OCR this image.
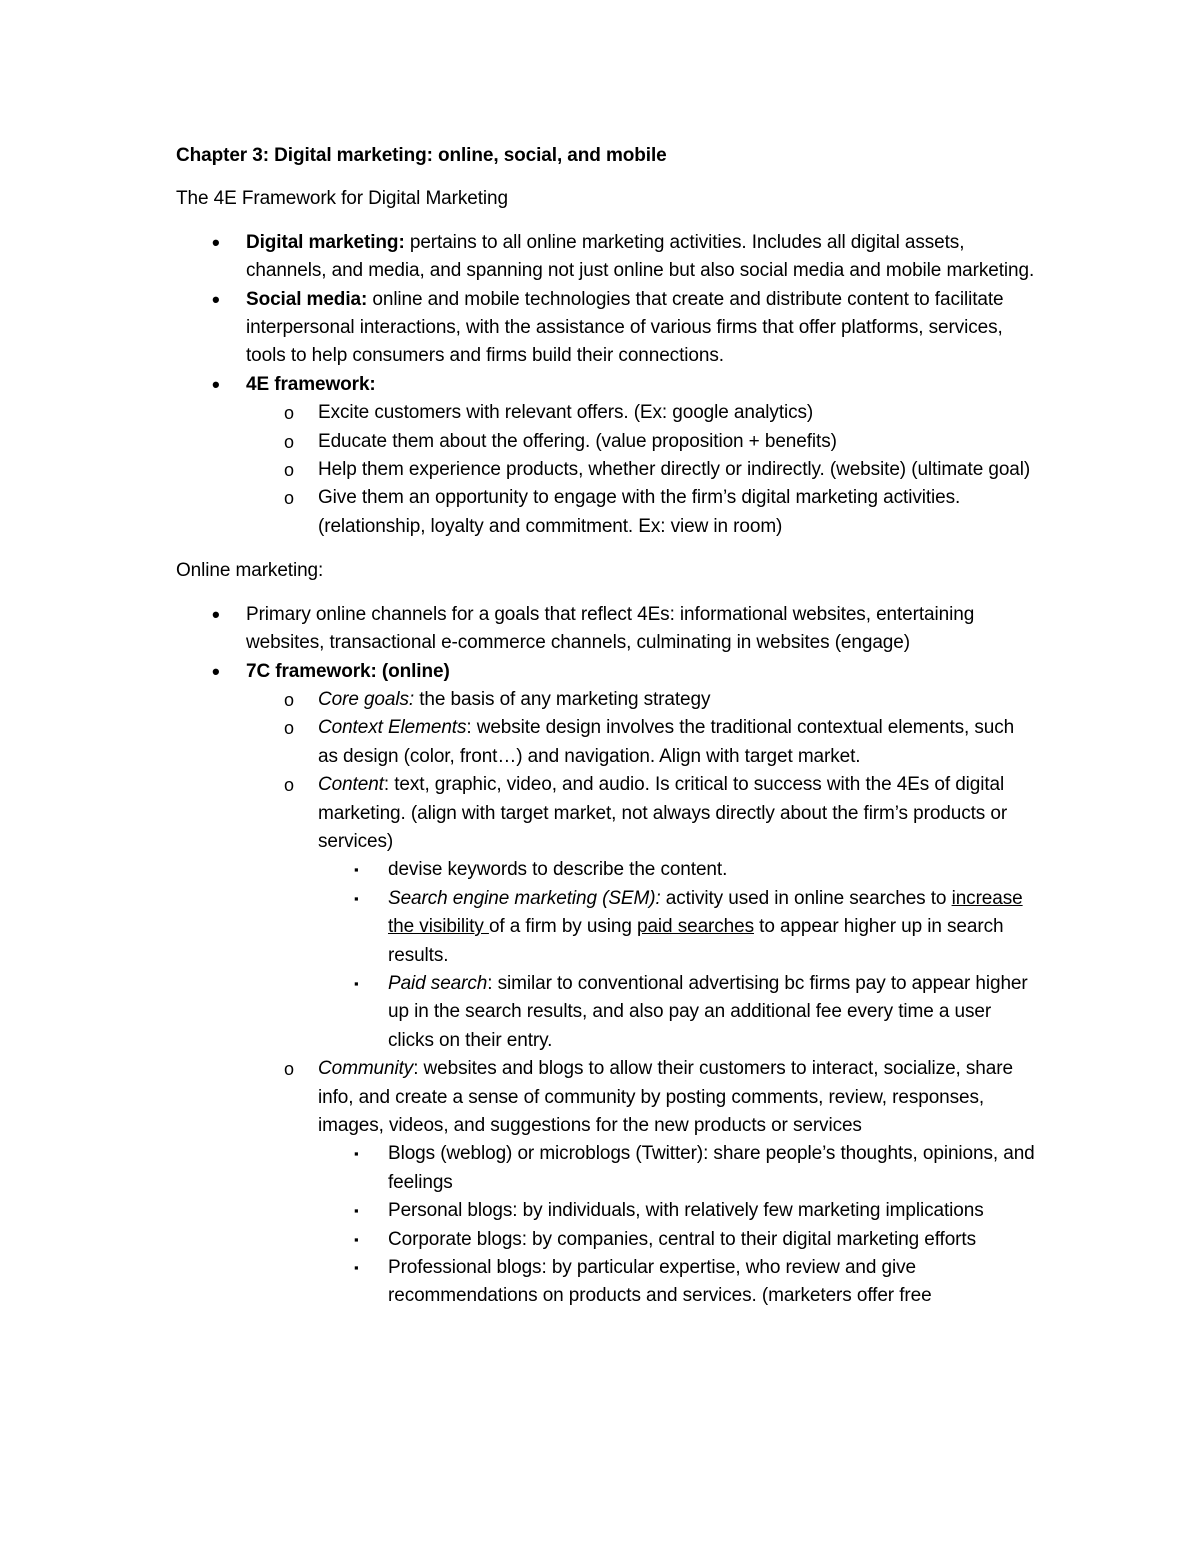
Chapter 3: Digital marketing: online, social, and mobile

The 4E Framework for Digital Marketing

• Digital marketing: pertains to all online marketing activities. Includes all digital assets, channels, and media, and spanning not just online but also social media and mobile marketing.
• Social media: online and mobile technologies that create and distribute content to facilitate interpersonal interactions, with the assistance of various firms that offer platforms, services, tools to help consumers and firms build their connections.
• 4E framework:
o Excite customers with relevant offers. (Ex: google analytics)
o Educate them about the offering. (value proposition + benefits)
o Help them experience products, whether directly or indirectly. (website) (ultimate goal)
o Give them an opportunity to engage with the firm’s digital marketing activities. (relationship, loyalty and commitment. Ex: view in room)

Online marketing:

• Primary online channels for a goals that reflect 4Es: informational websites, entertaining websites, transactional e-commerce channels, culminating in websites (engage)
• 7C framework: (online)
o Core goals: the basis of any marketing strategy
o Context Elements: website design involves the traditional contextual elements, such as design (color, front…) and navigation. Align with target market.
o Content: text, graphic, video, and audio. Is critical to success with the 4Es of digital marketing. (align with target market, not always directly about the firm’s products or services)
▪ devise keywords to describe the content.
▪ Search engine marketing (SEM): activity used in online searches to increase the visibility of a firm by using paid searches to appear higher up in search results.
▪ Paid search: similar to conventional advertising bc firms pay to appear higher up in the search results, and also pay an additional fee every time a user clicks on their entry.
o Community: websites and blogs to allow their customers to interact, socialize, share info, and create a sense of community by posting comments, review, responses, images, videos, and suggestions for the new products or services
▪ Blogs (weblog) or microblogs (Twitter): share people’s thoughts, opinions, and feelings
▪ Personal blogs: by individuals, with relatively few marketing implications
▪ Corporate blogs: by companies, central to their digital marketing efforts
▪ Professional blogs: by particular expertise, who review and give recommendations on products and services. (marketers offer free
